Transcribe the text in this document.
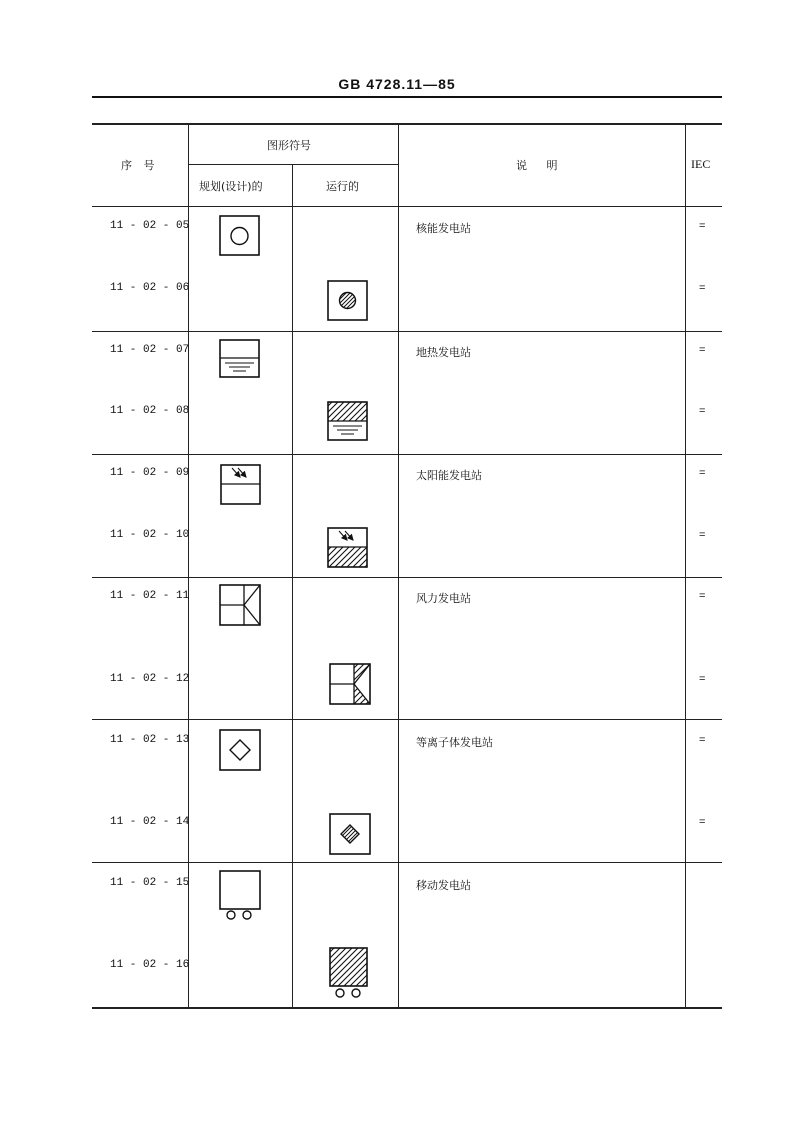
GB 4728.11—85
序 号
图形符号
规划(设计)的	运行的
说 明	IEC
11 - 02 - 05
11 - 02 - 06
11 - 02 - 07
11 - 02 - 08
11 - 02 - 09
11 - 02 - 10
11 - 02 - 11
11 - 02 - 12
11 - 02 - 13
11 - 02 - 14
11 - 02 - 15
11 - 02 - 16
核能发电站
地热发电站
太阳能发电站
风力发电站
等离子体发电站
移动发电站
=
=
=
=
=
=
=
=
=
=
